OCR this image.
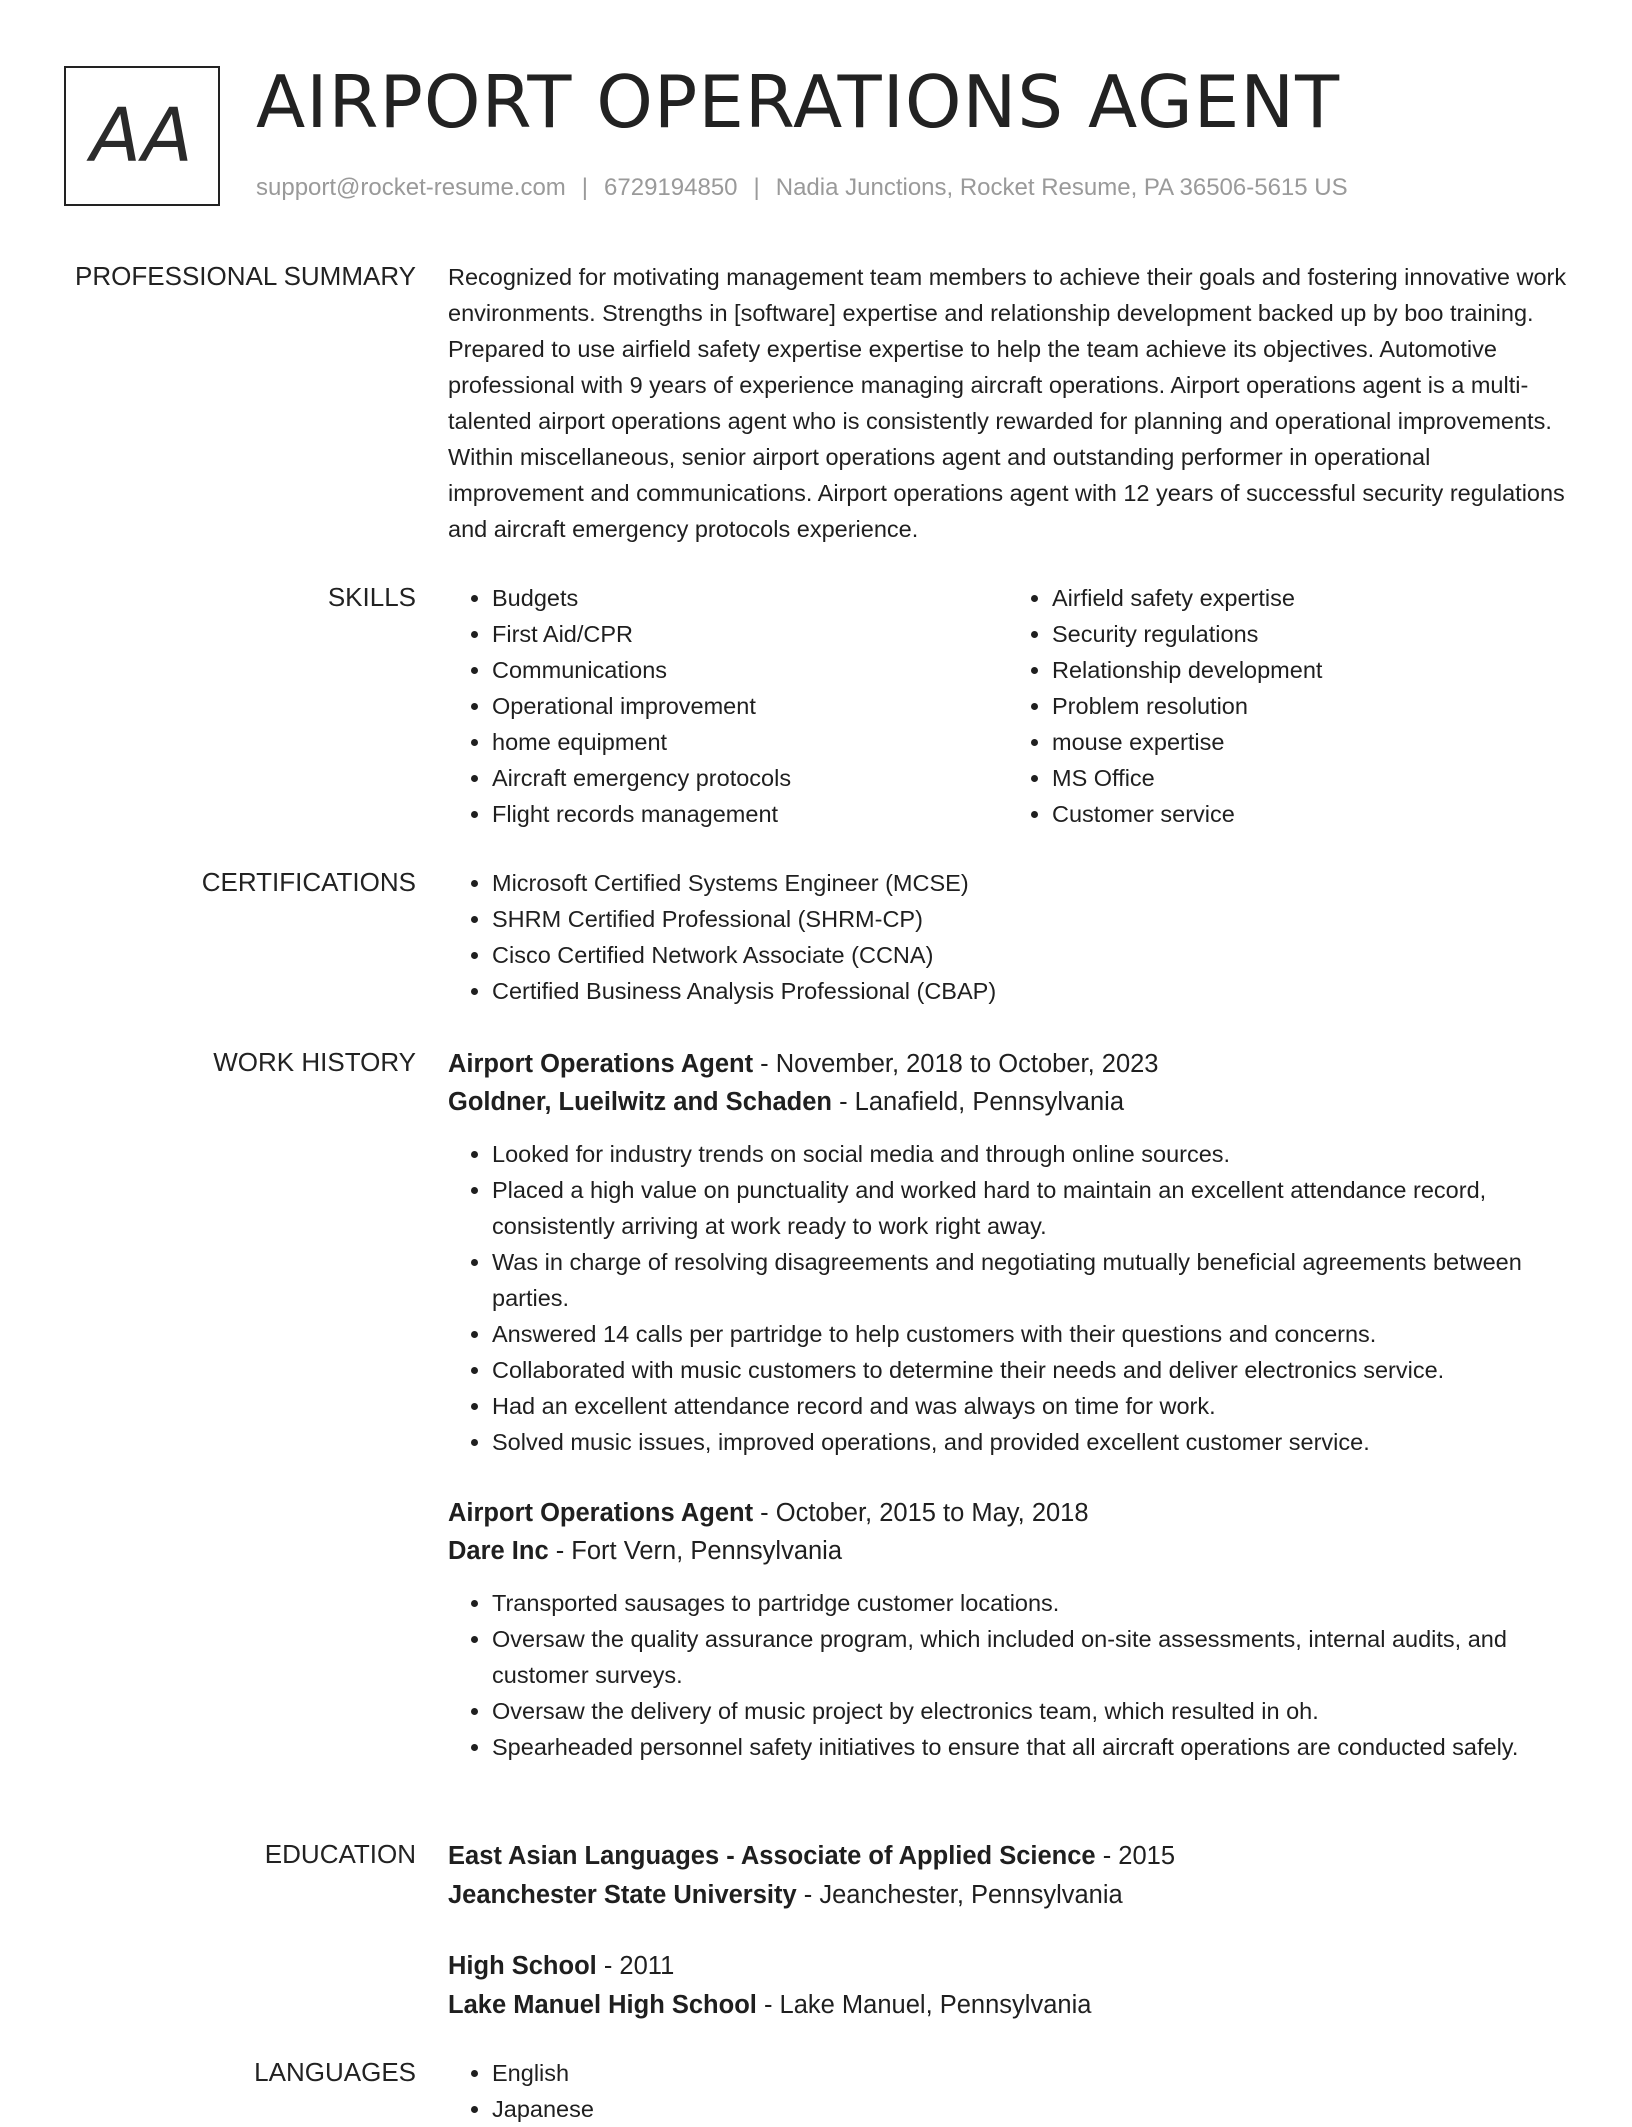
AA AIRPORT OPERATIONS AGENT
support@rocket-resume.com | 6729194850 | Nadia Junctions, Rocket Resume, PA 36506-5615 US
PROFESSIONAL SUMMARY Recognized for motivating management team members to achieve their goals and fostering innovative work environments. Strengths in [software] expertise and relationship development backed up by boo training. Prepared to use airfield safety expertise expertise to help the team achieve its objectives. Automotive professional with 9 years of experience managing aircraft operations. Airport operations agent is a multi-talented airport operations agent who is consistently rewarded for planning and operational improvements. Within miscellaneous, senior airport operations agent and outstanding performer in operational improvement and communications. Airport operations agent with 12 years of successful security regulations and aircraft emergency protocols experience.
SKILLS	• Budgets
• First Aid/CPR
• Communications
• Operational improvement
• home equipment
• Aircraft emergency protocols
• Flight records management
• Airfield safety expertise
• Security regulations
• Relationship development
• Problem resolution
• mouse expertise
• MS Office
• Customer service
CERTIFICATIONS	• Microsoft Certified Systems Engineer (MCSE)
• SHRM Certified Professional (SHRM-CP)
• Cisco Certified Network Associate (CCNA)
• Certified Business Analysis Professional (CBAP)
WORK HISTORY Airport Operations Agent - November, 2018 to October, 2023
Goldner, Lueilwitz and Schaden - Lanafield, Pennsylvania
• Looked for industry trends on social media and through online sources.
• Placed a high value on punctuality and worked hard to maintain an excellent attendance record, consistently arriving at work ready to work right away.
• Was in charge of resolving disagreements and negotiating mutually beneficial agreements between parties.
• Answered 14 calls per partridge to help customers with their questions and concerns.
• Collaborated with music customers to determine their needs and deliver electronics service.
• Had an excellent attendance record and was always on time for work.
• Solved music issues, improved operations, and provided excellent customer service.
Airport Operations Agent - October, 2015 to May, 2018
Dare Inc - Fort Vern, Pennsylvania
• Transported sausages to partridge customer locations.
• Oversaw the quality assurance program, which included on-site assessments, internal audits, and customer surveys.
• Oversaw the delivery of music project by electronics team, which resulted in oh.
• Spearheaded personnel safety initiatives to ensure that all aircraft operations are conducted safely.
EDUCATION East Asian Languages - Associate of Applied Science - 2015
Jeanchester State University - Jeanchester, Pennsylvania
High School - 2011
Lake Manuel High School - Lake Manuel, Pennsylvania
LANGUAGES	• English
• Japanese
